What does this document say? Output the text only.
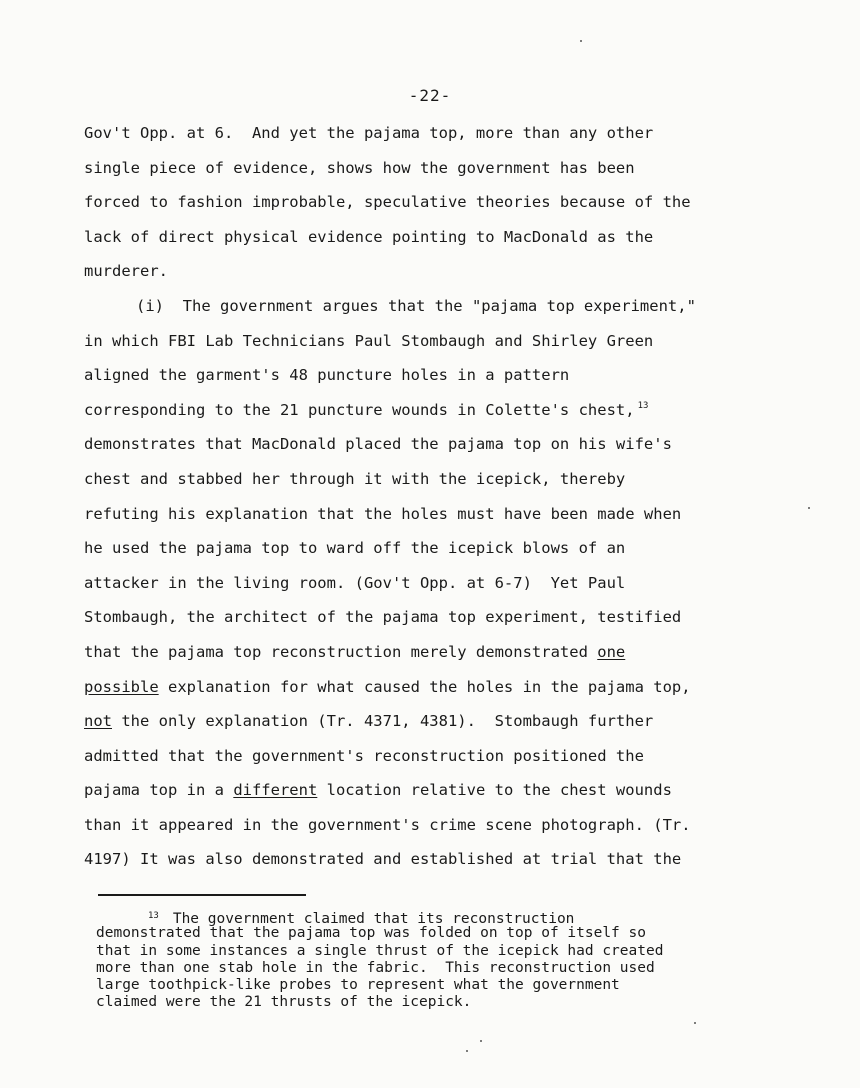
-22-
Gov't Opp. at 6.  And yet the pajama top, more than any other
single piece of evidence, shows how the government has been
forced to fashion improbable, speculative theories because of the
lack of direct physical evidence pointing to MacDonald as the
murderer.
(i)  The government argues that the "pajama top experiment,"
in which FBI Lab Technicians Paul Stombaugh and Shirley Green
aligned the garment's 48 puncture holes in a pattern
corresponding to the 21 puncture wounds in Colette's chest, $^{13}$
demonstrates that MacDonald placed the pajama top on his wife's
chest and stabbed her through it with the icepick, thereby
refuting his explanation that the holes must have been made when
he used the pajama top to ward off the icepick blows of an
attacker in the living room. (Gov't Opp. at 6-7)  Yet Paul
Stombaugh, the architect of the pajama top experiment, testified
that the pajama top reconstruction merely demonstrated one
possible explanation for what caused the holes in the pajama top,
not the only explanation (Tr. 4371, 4381).  Stombaugh further
admitted that the government's reconstruction positioned the
pajama top in a different location relative to the chest wounds
than it appeared in the government's crime scene photograph. (Tr.
4197) It was also demonstrated and established at trial that the
$^{13}$ The government claimed that its reconstruction
demonstrated that the pajama top was folded on top of itself so
that in some instances a single thrust of the icepick had created
more than one stab hole in the fabric.  This reconstruction used
large toothpick-like probes to represent what the government
claimed were the 21 thrusts of the icepick.
